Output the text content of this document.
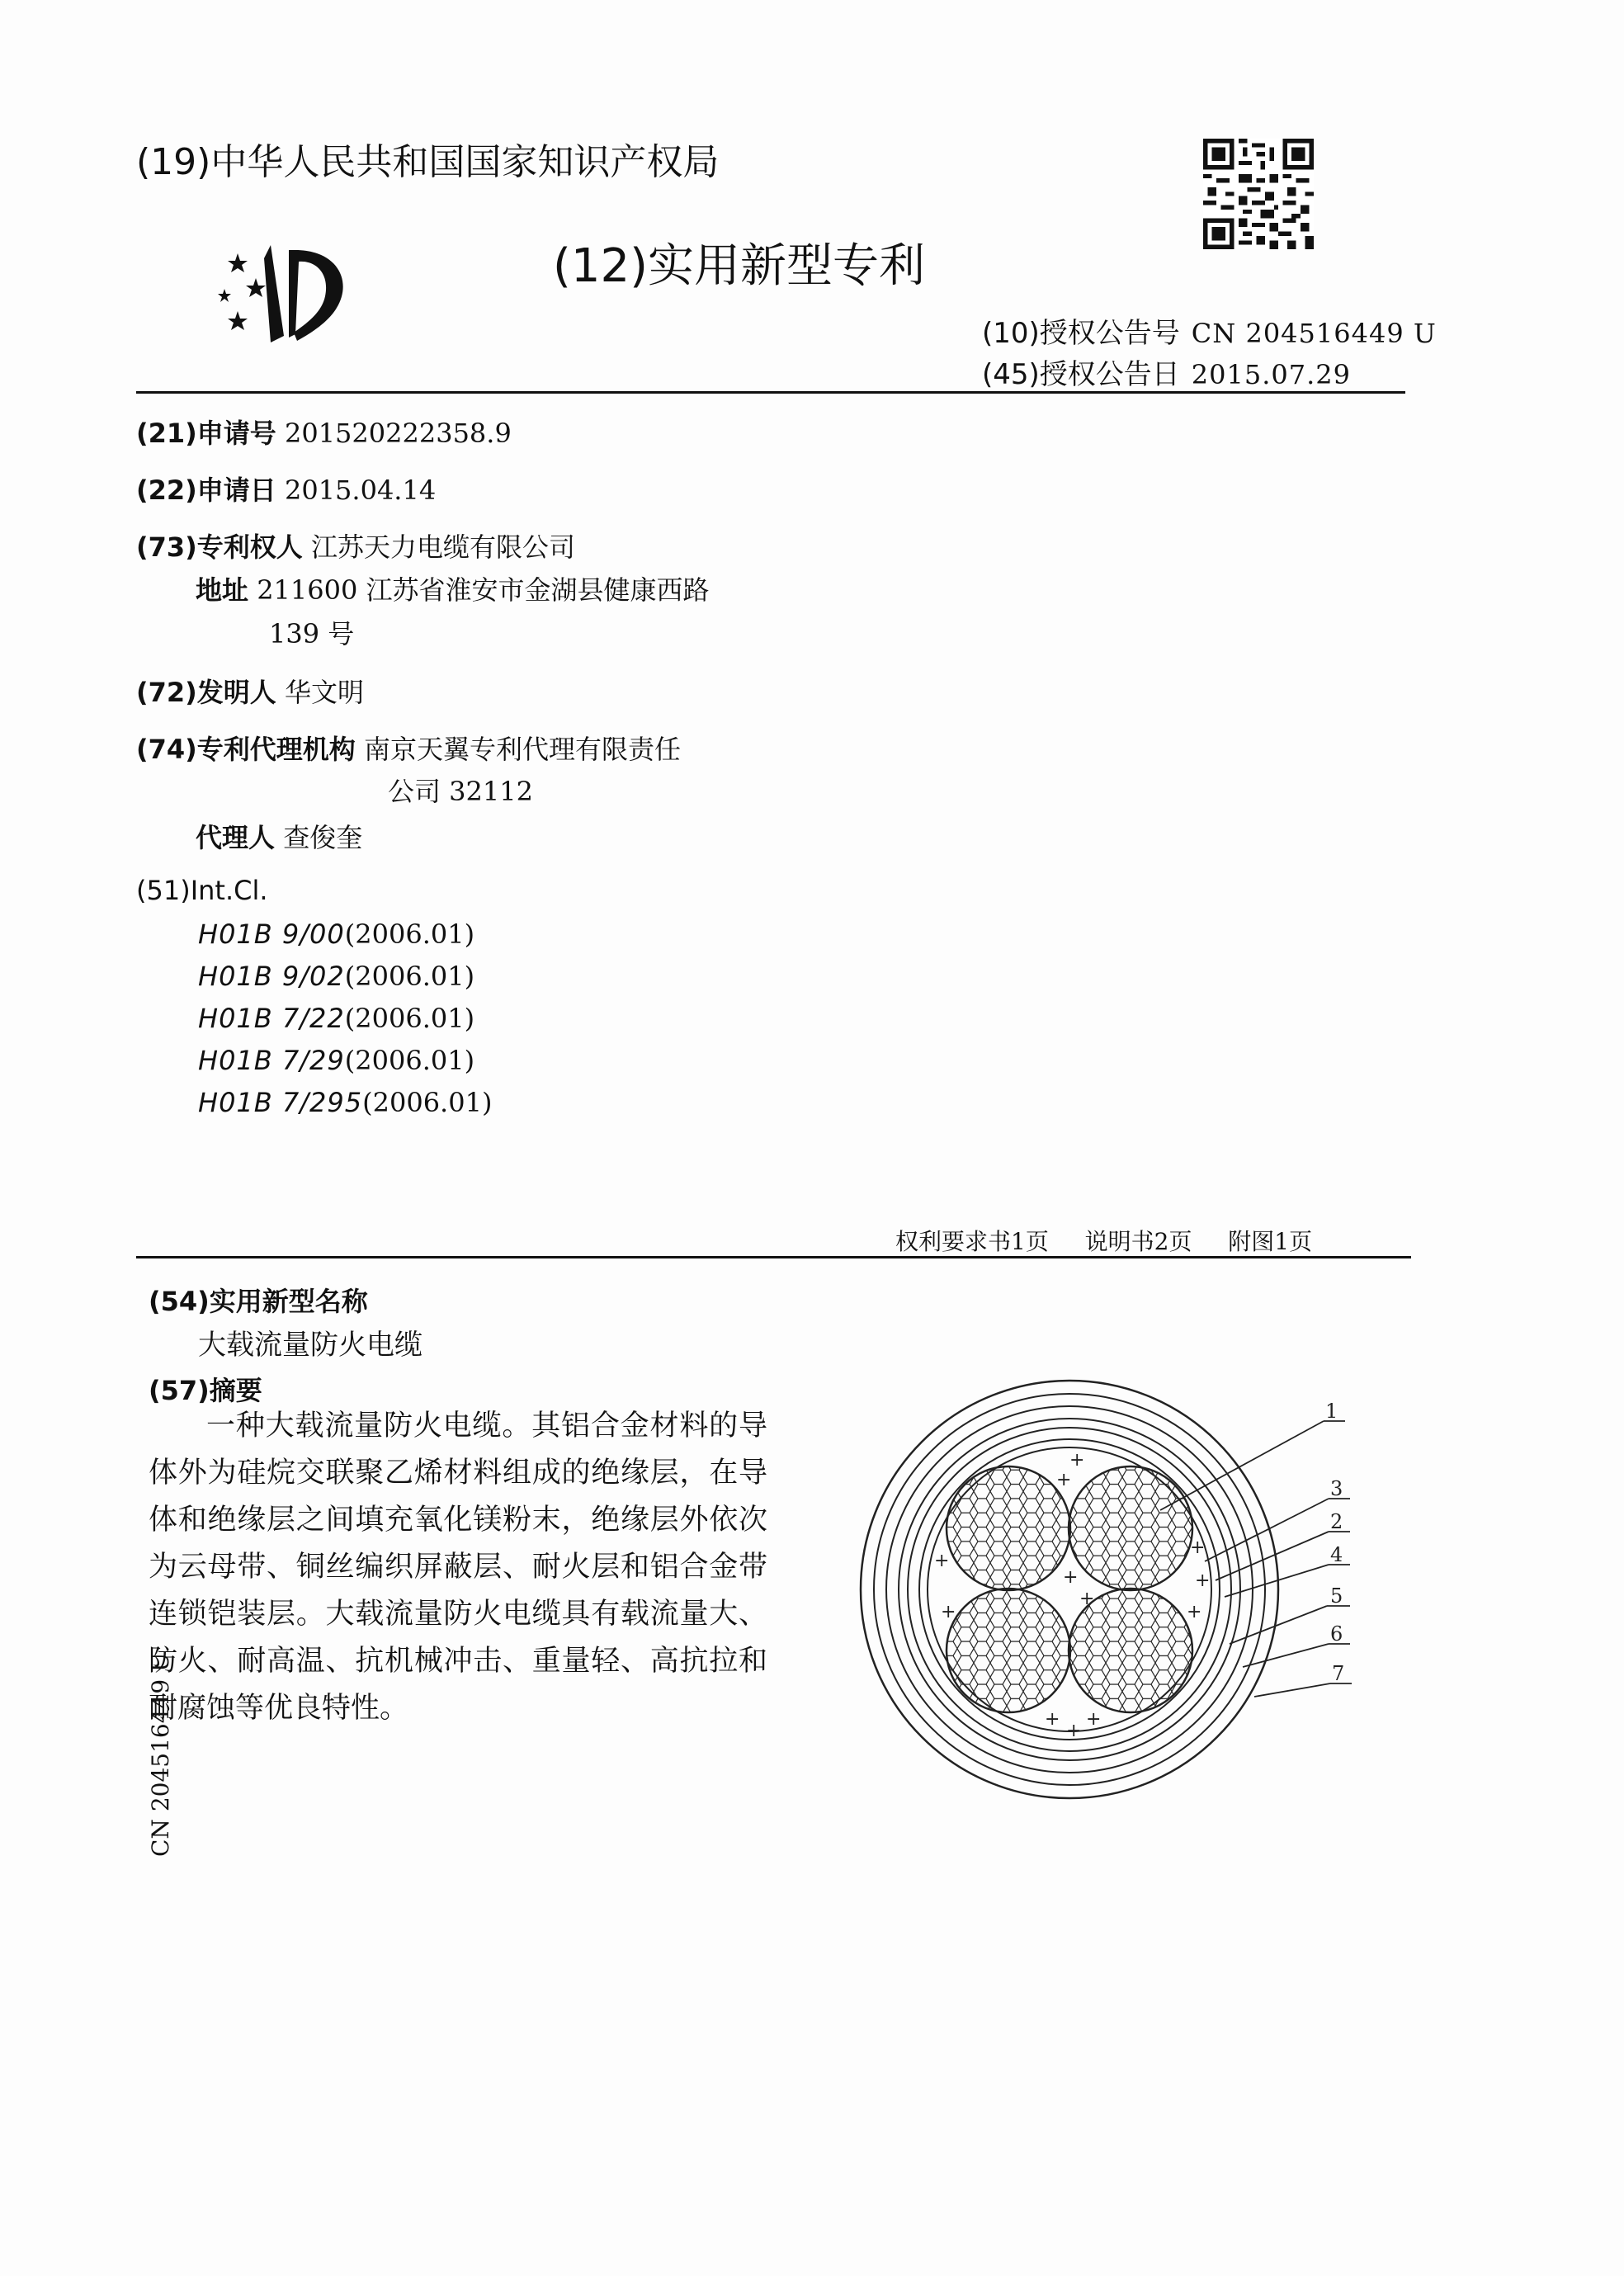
(19)中华人民共和国国家知识产权局
(12)实用新型专利
(10)授权公告号 CN 204516449 U
(45)授权公告日 2015.07.29
(21)申请号 201520222358.9
(22)申请日 2015.04.14
(73)专利权人 江苏天力电缆有限公司
地址 211600 江苏省淮安市金湖县健康西路
139 号
(72)发明人 华文明
(74)专利代理机构 南京天翼专利代理有限责任
公司 32112
代理人 查俊奎
(51)Int.Cl.
H01B 9/00(2006.01)
H01B 9/02(2006.01)
H01B 7/22(2006.01)
H01B 7/29(2006.01)
H01B 7/295(2006.01)
权利要求书1页 说明书2页 附图1页
(54)实用新型名称
大载流量防火电缆
(57)摘要
一种大载流量防火电缆。其铝合金材料的导体外为硅烷交联聚乙烯材料组成的绝缘层，在导体和绝缘层之间填充氧化镁粉末，绝缘层外依次为云母带、铜丝编织屏蔽层、耐火层和铝合金带连锁铠装层。大载流量防火电缆具有载流量大、防火、耐高温、抗机械冲击、重量轻、高抗拉和耐腐蚀等优良特性。
+
+
+
+
+
+
+
+
+
+
+
+
1
3
2
4
5
6
7
CN 204516449 U
